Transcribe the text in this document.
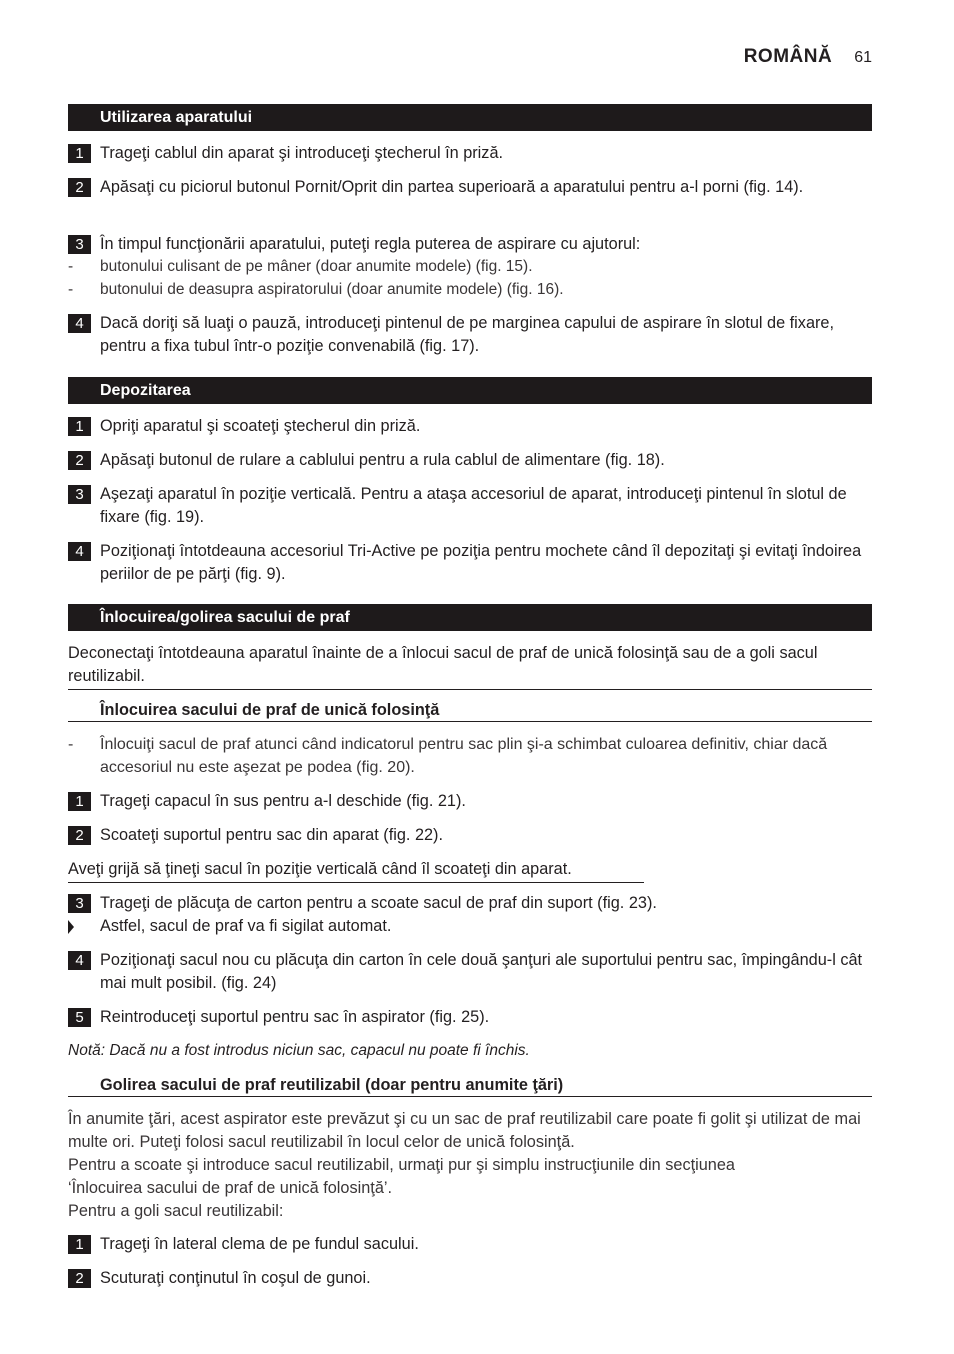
ROMÂNĂ 61
Utilizarea aparatului
1	Trageţi cablul din aparat şi introduceţi ştecherul în priză.
2	Apăsaţi cu piciorul butonul Pornit/Oprit din partea superioară a aparatului pentru a-l porni (fig. 14).
3	În timpul funcţionării aparatului, puteţi regla puterea de aspirare cu ajutorul:
- butonului culisant de pe mâner (doar anumite modele) (fig. 15).
- butonului de deasupra aspiratorului (doar anumite modele) (fig. 16).
4	Dacă doriţi să luaţi o pauză, introduceţi pintenul de pe marginea capului de aspirare în slotul de fixare, pentru a fixa tubul într-o poziţie convenabilă (fig. 17).
Depozitarea
1	Opriţi aparatul şi scoateţi ştecherul din priză.
2	Apăsaţi butonul de rulare a cablului pentru a rula cablul de alimentare (fig. 18).
3	Aşezaţi aparatul în poziţie verticală. Pentru a ataşa accesoriul de aparat, introduceţi pintenul în slotul de fixare (fig. 19).
4	Poziţionaţi întotdeauna accesoriul Tri-Active pe poziţia pentru mochete când îl depozitaţi şi evitaţi îndoirea periilor de pe părţi (fig. 9).
Înlocuirea/golirea sacului de praf
Deconectaţi întotdeauna aparatul înainte de a înlocui sacul de praf de unică folosinţă sau de a goli sacul reutilizabil.
Înlocuirea sacului de praf de unică folosinţă
- Înlocuiţi sacul de praf atunci când indicatorul pentru sac plin şi-a schimbat culoarea definitiv, chiar dacă accesoriul nu este aşezat pe podea (fig. 20).
1	Trageţi capacul în sus pentru a-l deschide (fig. 21).
2	Scoateţi suportul pentru sac din aparat (fig. 22).
Aveţi grijă să ţineţi sacul în poziţie verticală când îl scoateţi din aparat.
3	Trageţi de plăcuţa de carton pentru a scoate sacul de praf din suport (fig. 23).
Astfel, sacul de praf va fi sigilat automat.
4	Poziţionaţi sacul nou cu plăcuţa din carton în cele două şanţuri ale suportului pentru sac, împingându-l cât mai mult posibil. (fig. 24)
5	Reintroduceţi suportul pentru sac în aspirator (fig. 25).
Notă: Dacă nu a fost introdus niciun sac, capacul nu poate fi închis.
Golirea sacului de praf reutilizabil (doar pentru anumite ţări)
În anumite ţări, acest aspirator este prevăzut şi cu un sac de praf reutilizabil care poate fi golit şi utilizat de mai multe ori. Puteţi folosi sacul reutilizabil în locul celor de unică folosinţă.
Pentru a scoate şi introduce sacul reutilizabil, urmaţi pur şi simplu instrucţiunile din secţiunea ‘Înlocuirea sacului de praf de unică folosinţă’.
Pentru a goli sacul reutilizabil:
1	Trageţi în lateral clema de pe fundul sacului.
2	Scuturaţi conţinutul în coşul de gunoi.
